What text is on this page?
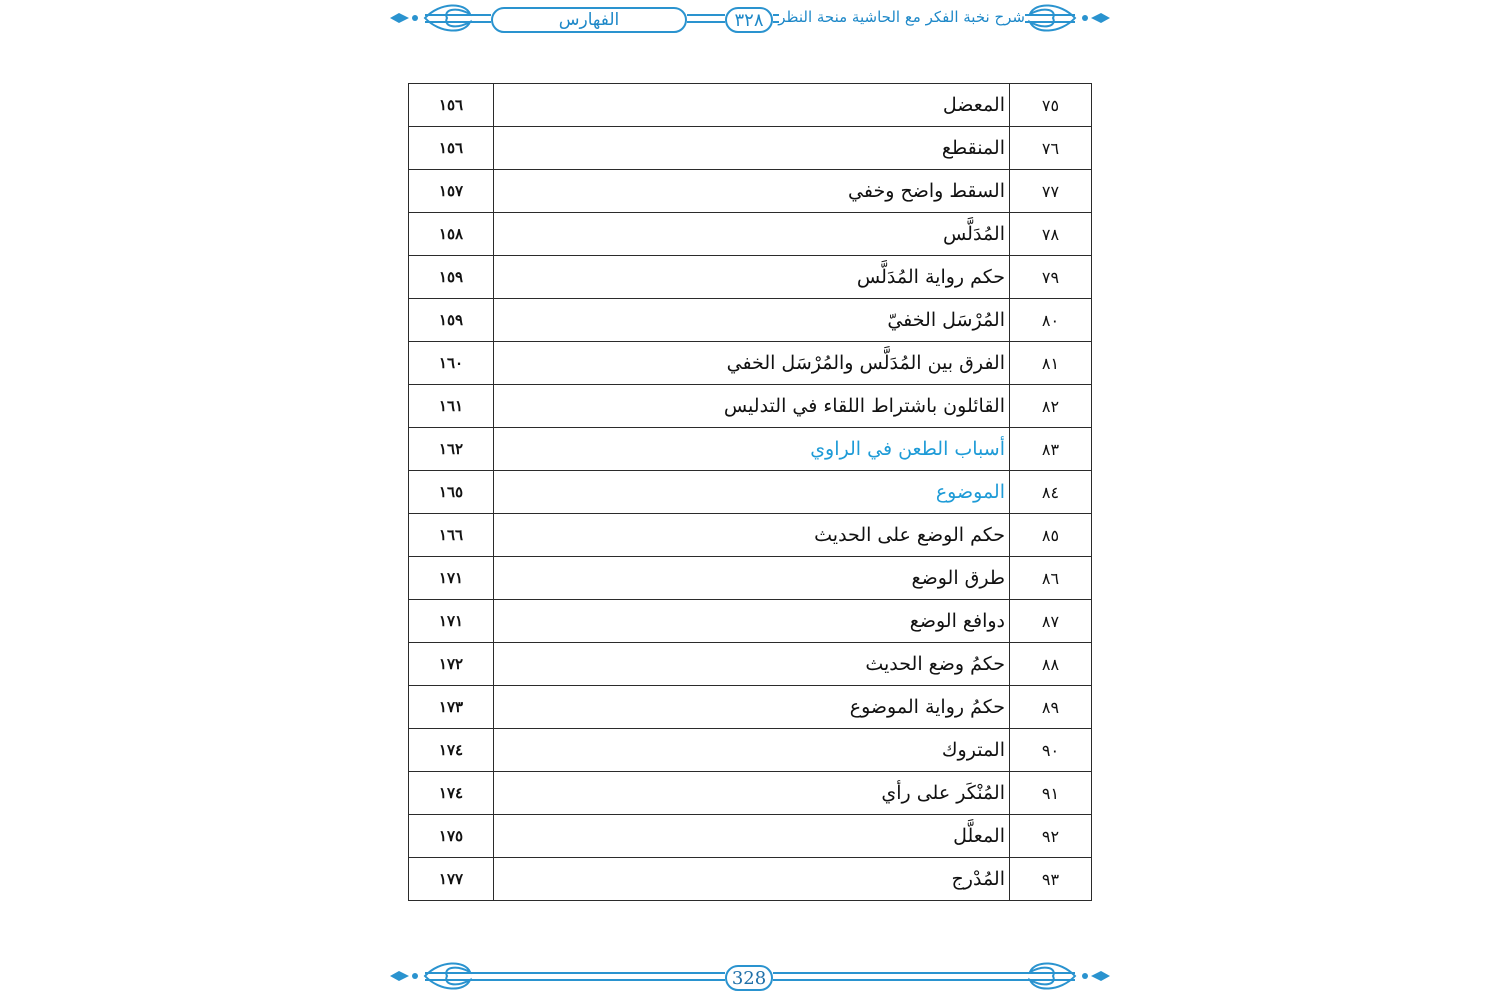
الفهارس	٣٢٨ شرح نخبة الفكر مع الحاشية منحة النظر
٧٥	المعضل	١٥٦
٧٦	المنقطع	١٥٦
٧٧	السقط واضح وخفي	١٥٧
٧٨	المُدَلَّس	١٥٨
٧٩	حكم رواية المُدَلَّس	١٥٩
٨٠	المُرْسَل الخفيّ	١٥٩
٨١	الفرق بين المُدَلَّس والمُرْسَل الخفي	١٦٠
٨٢	القائلون باشتراط اللقاء في التدليس	١٦١
٨٣	أسباب الطعن في الراوي	١٦٢
٨٤	الموضوع	١٦٥
٨٥	حكم الوضع على الحديث	١٦٦
٨٦	طرق الوضع	١٧١
٨٧	دوافع الوضع	١٧١
٨٨	حكمُ وضع الحديث	١٧٢
٨٩	حكمُ رواية الموضوع	١٧٣
٩٠	المتروك	١٧٤
٩١	المُنْكَر على رأي	١٧٤
٩٢	المعلَّل	١٧٥
٩٣	المُدْرج	١٧٧
328
